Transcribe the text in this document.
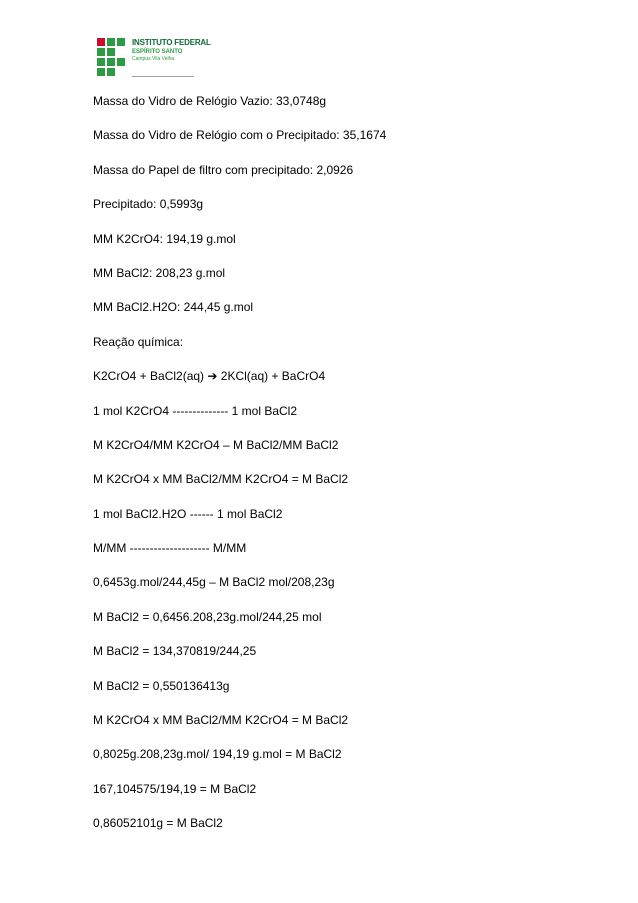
INSTITUTO FEDERAL
ESPÍRITO SANTO
Campus Vila Velha
Massa do Vidro de Relógio Vazio: 33,0748g
Massa do Vidro de Relógio com o Precipitado: 35,1674
Massa do Papel de filtro com precipitado: 2,0926
Precipitado: 0,5993g
MM K2CrO4: 194,19 g.mol
MM BaCl2: 208,23 g.mol
MM BaCl2.H2O: 244,45 g.mol
Reação química:
K2CrO4 + BaCl2(aq) ➔ 2KCl(aq) + BaCrO4
1 mol K2CrO4 -------------- 1 mol BaCl2
M K2CrO4/MM K2CrO4 – M BaCl2/MM BaCl2
M K2CrO4 x MM BaCl2/MM K2CrO4 = M BaCl2
1 mol BaCl2.H2O ------ 1 mol BaCl2
M/MM -------------------- M/MM
0,6453g.mol/244,45g – M BaCl2 mol/208,23g
M BaCl2 = 0,6456.208,23g.mol/244,25 mol
M BaCl2 = 134,370819/244,25
M BaCl2 = 0,550136413g
M K2CrO4 x MM BaCl2/MM K2CrO4 = M BaCl2
0,8025g.208,23g.mol/ 194,19 g.mol = M BaCl2
167,104575/194,19 = M BaCl2
0,86052101g = M BaCl2
